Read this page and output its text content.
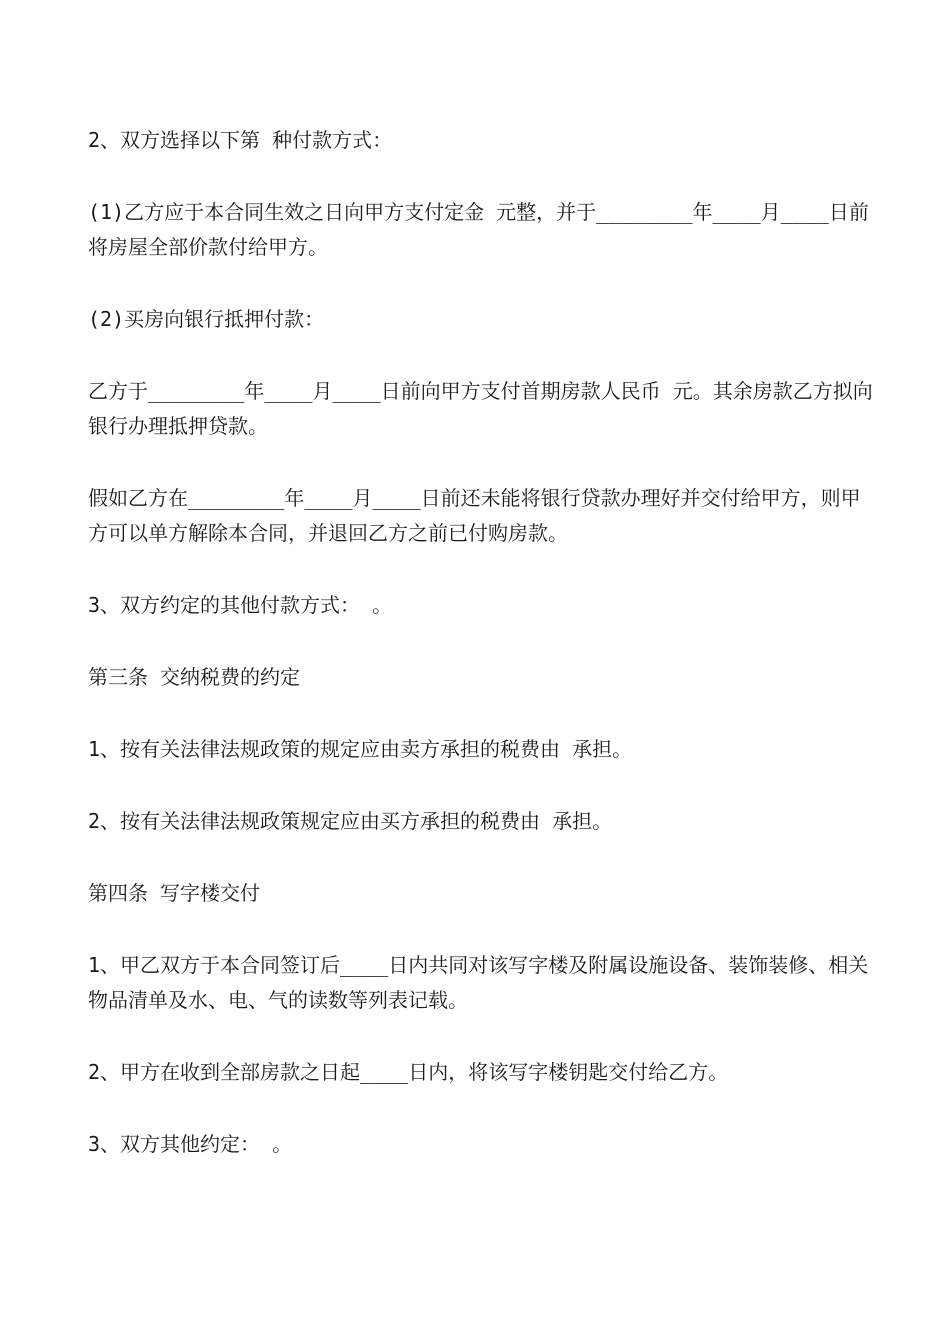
2、双方选择以下第 种付款方式：

(1)乙方应于本合同生效之日向甲方支付定金 元整，并于________年____月____日前将房屋全部价款付给甲方。

(2)买房向银行抵押付款：

乙方于________年____月____日前向甲方支付首期房款人民币 元。其余房款乙方拟向银行办理抵押贷款。

假如乙方在________年____月____日前还未能将银行贷款办理好并交付给甲方，则甲方可以单方解除本合同，并退回乙方之前已付购房款。

3、双方约定的其他付款方式： 。

第三条 交纳税费的约定

1、按有关法律法规政策的规定应由卖方承担的税费由 承担。

2、按有关法律法规政策规定应由买方承担的税费由 承担。

第四条 写字楼交付

1、甲乙双方于本合同签订后____日内共同对该写字楼及附属设施设备、装饰装修、相关物品清单及水、电、气的读数等列表记载。

2、甲方在收到全部房款之日起____日内，将该写字楼钥匙交付给乙方。

3、双方其他约定： 。
